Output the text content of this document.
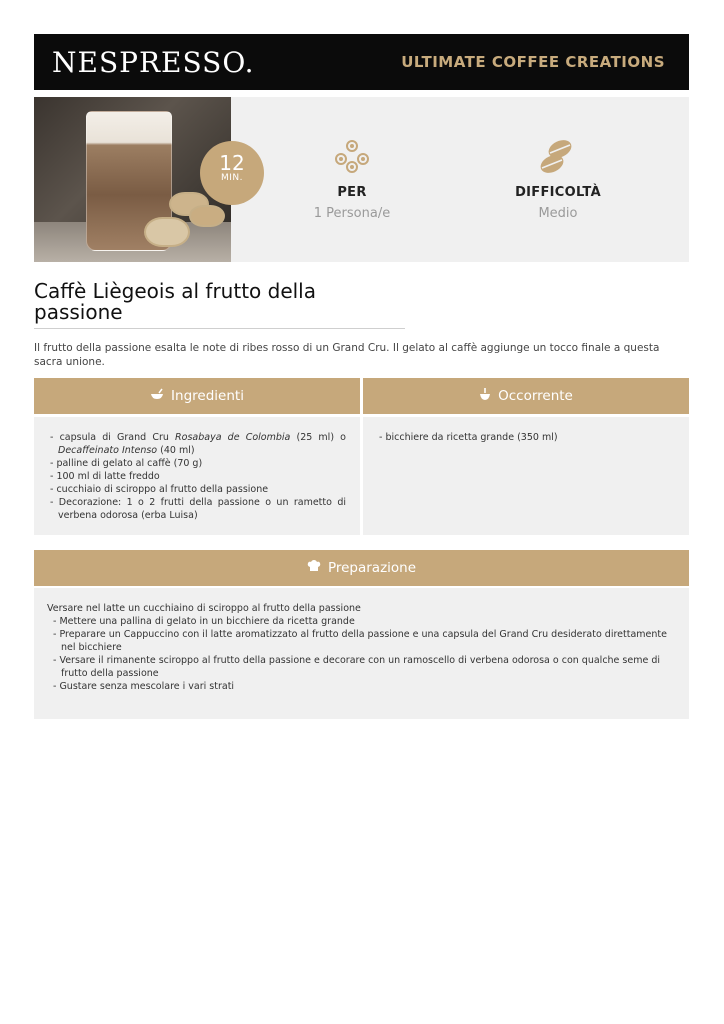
NESPRESSO.	ULTIMATE COFFEE CREATIONS
12
MIN.
PER
1 Persona/e
DIFFICOLTÀ
Medio
Caffè Liègeois al frutto della passione

Il frutto della passione esalta le note di ribes rosso di un Grand Cru. Il gelato al caffè aggiunge un tocco finale a questa sacra unione.

Ingredienti	Occorrente
- capsula di Grand Cru Rosabaya de Colombia (25 ml) o Decaffeinato Intenso (40 ml)
- palline di gelato al caffè (70 g)
- 100 ml di latte freddo
- cucchiaio di sciroppo al frutto della passione
- Decorazione: 1 o 2 frutti della passione o un rametto di verbena odorosa (erba Luisa)
- bicchiere da ricetta grande (350 ml)
Preparazione
Versare nel latte un cucchiaino di sciroppo al frutto della passione
- Mettere una pallina di gelato in un bicchiere da ricetta grande
- Preparare un Cappuccino con il latte aromatizzato al frutto della passione e una capsula del Grand Cru desiderato direttamente nel bicchiere
- Versare il rimanente sciroppo al frutto della passione e decorare con un ramoscello di verbena odorosa o con qualche seme di frutto della passione
- Gustare senza mescolare i vari strati
